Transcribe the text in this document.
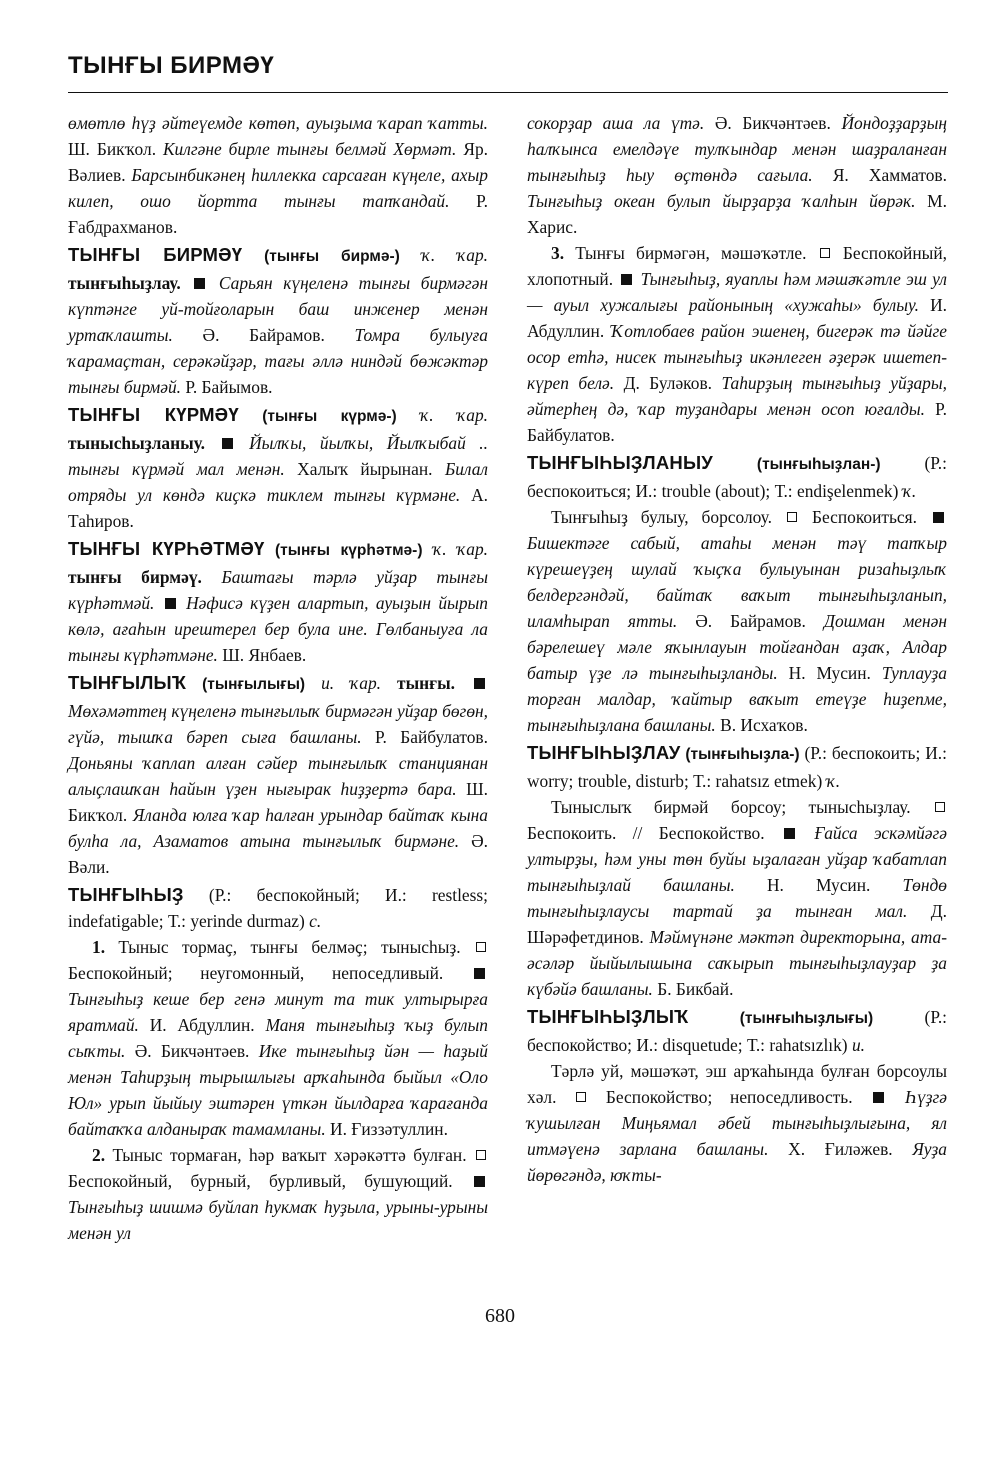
ТЫНҒЫ БИРМӘҮ

өмөтлө һүҙ әйтеүемде көтөп, ауыҙыма ҡарап ҡатты. Ш. Бикҡол. Килгәне бирле тынғы белмәй Хөрмәт. Яр. Вәлиев. Барсынбикәнең һиллекка сарсаған күңеле, ахыр килеп, ошо йортта тынғы тапҡандай. Р. Ғабдрахманов.

ТЫНҒЫ БИРМӘҮ (тынғы бирмә-) ҡ. ҡар. тынғыһыҙлау. Сарьян күңеленә тынғы бирмәгән күптәнге уй-тойғоларын баш инженер менән уртаҡлашты. Ә. Байрамов. Томра булыуға ҡарамаҫтан, серәкәйҙәр, тағы әллә ниндәй бөжәктәр тынғы бирмәй. Р. Байымов.

ТЫНҒЫ КҮРМӘҮ (тынғы күрмә-) ҡ. ҡар. тыныcһыҙланыу.	Йылҡы, йылҡы, Йылҡыбай .. тынғы күрмәй мал менән. Халыҡ йырынан. Билал отряды ул көндә киҫкә тиклем тынғы күрмәне. А. Таһиров.

ТЫНҒЫ КҮРҺӘТМӘҮ (тынғы күрһәтмә-) ҡ. ҡар. тынғы бирмәү. Баштағы тәрлә уйҙар тынғы күрһәтмәй. Нәфисә күҙен алартып, ауыҙын йырып көлә, ағаһын ирештерел бер була ине. Гөлбаныуға ла тынғы күрһәтмәне. Ш. Янбаев.

ТЫНҒЫЛЫҠ (тынғылығы) и. ҡар. тынғы.  Мөхәмәттең күңеленә тынғылыҡ бирмәгән уйҙар бөгөн, гүйә, тышҡа бәреп сыға башланы. Р. Байбулатов. Доньяны ҡаплап алған сәйер тынғылыҡ станциянан алыҫлашҡан һайын үҙен нығырак һиҙҙертә бара. Ш. Бикҡол. Яланда юлға ҡар һалған урындар байтаҡ кына булһа ла, Азаматов атына тынғылыҡ бирмәне. Ә. Вәли.

ТЫНҒЫҺЫҘ (Р.: беспокойный; И.: restless; indefatigable; Т.: yerinde durmaz) с.

1. Тыныс тормаҫ, тынғы белмәҫ; тыныcһыҙ.  Беспокойный; неугомонный, непоседливый.  Тынғыһыҙ кеше бер генә минут та тик ултырырға яратмай. И. Абдуллин. Маня тынғыһыҙ ҡыҙ булып сыҡты. Ә. Бикчәнтәев. Ике тынғыһыҙ йән — һаҙый менән Таһирҙың тырышлығы арҡаһында быйыл «Оло Юл» урып йыйыу эштәрен үткән йылдарға ҡарағанда байтаҡҡа алданыраҡ тамамланы. И. Ғиззәтуллин.

2. Тыныс тормаған, һәр ваҡыт хәрәкәттә булған.  Беспокойный, бурный, бурливый, бушующий.  Тынғыһыҙ шишмә буйлап һукмаҡ һуҙыла, урыны-урыны менән ул

сокорҙар аша ла үтә. Ә. Бикчәнтәев. Йондоҙҙарҙың һалҡынса емелдәүе тулҡындар менән шаҙраланған тынғыһыҙ һыу өҫтөндә сағыла. Я. Хамматов. Тынғыһыҙ океан булып йырҙарҙа ҡалһын йөрәк. М. Харис.

3. Тынғы бирмәгән, мәшәҡәтле. Беспокойный, хлопотный. Тынғыһыҙ, яуаплы һәм мәшәҡәтле эш ул — ауыл хужалығы районының «хужаһы» булыу. И. Абдуллин. Ҡотлобаев район эшенең, бигерәк тә йәйге осор етһә, нисек тынғыһыҙ икәнлеген әҙерәк ишетеп-күреп белә. Д. Буләков. Таһирҙың тынғыһыҙ уйҙары, әйтерһең дә, ҡар туҙандары менән осоп юғалды. Р. Байбулатов.

ТЫНҒЫҺЫҘЛАНЫУ (тынғыһыҙлан-) (Р.: беспокоиться; И.: trouble (about); Т.: endişelenmek) ҡ.

Тынғыһыҙ булыу, борсолоу. Беспокоиться.  Бишектәге сабый, атаһы менән тәү тапҡыр күрешеүҙең шулай ҡыҫҡа булыуынан ризаһыҙлыҡ белдергәндәй, байтаҡ ваҡыт тынғыһыҙланып, иламһырап ятты. Ә. Байрамов. Дошман менән бәрелешеү мәле яҡынлауын тойғандан аҙаҡ, Алдар батыр үҙе лә тынғыһыҙланды. Н. Мусин. Туплауҙа торған малдар, ҡайтыр ваҡыт етеүҙе һиҙепме, тынғыһыҙлана башланы. В. Исхаҡов.

ТЫНҒЫҺЫҘЛАУ (тынғыһыҙла-) (Р.: беспокоить; И.: worry; trouble, disturb; Т.: rahatsız etmek) ҡ.

Тыныслыҡ бирмәй борсоу; тыныcһыҙлау.  Беспокоить. // Беспокойство.	Ғайса эскәмйәгә ултырҙы, һәм уны төн буйы ыҙалаған уйҙар ҡабатлап тынғыһыҙлай башланы. Н. Мусин. Төндө тынғыһыҙлаусы тартай ҙа тынған мал. Д. Шәрәфетдинов. Мәймүнәне мәктәп директорына, ата-әсәләр йыйылышына саҡырып тынғыһыҙлауҙар ҙа күбәйә башланы. Б. Бикбай.

ТЫНҒЫҺЫҘЛЫҠ (тынғыһыҙлығы) (Р.: беспокойство; И.: disquetude; Т.: rahatsızlık) и.

Тәрлә уй, мәшәҡәт, эш арҡаһында булған борсоулы хәл.	Беспокойство; непоседливость.	Һүҙгә ҡушылған Миңьямал әбей тынғыһыҙлығына, ял итмәүенә зарлана башланы. Х. Ғиләжев. Яуҙа йөрөгәндә, юҡты-

680
